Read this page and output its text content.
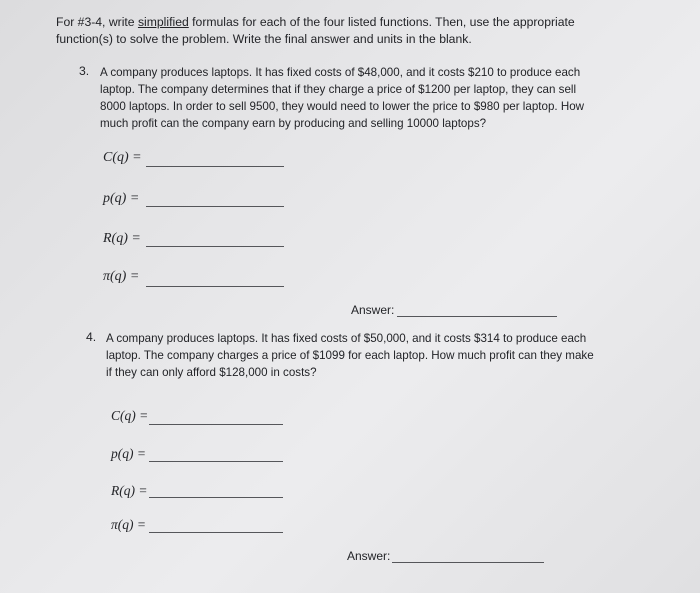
For #3-4, write simplified formulas for each of the four listed functions. Then, use the appropriate
function(s) to solve the problem. Write the final answer and units in the blank.
3. A company produces laptops. It has fixed costs of $48,000, and it costs $210 to produce each
laptop. The company determines that if they charge a price of $1200 per laptop, they can sell
8000 laptops. In order to sell 9500, they would need to lower the price to $980 per laptop. How
much profit can the company earn by producing and selling 10000 laptops?
C(q) =
p(q) =
R(q) =
π(q) =
Answer:
4. A company produces laptops. It has fixed costs of $50,000, and it costs $314 to produce each
laptop. The company charges a price of $1099 for each laptop. How much profit can they make
if they can only afford $128,000 in costs?
C(q) =
p(q) =
R(q) =
π(q) =
Answer:
